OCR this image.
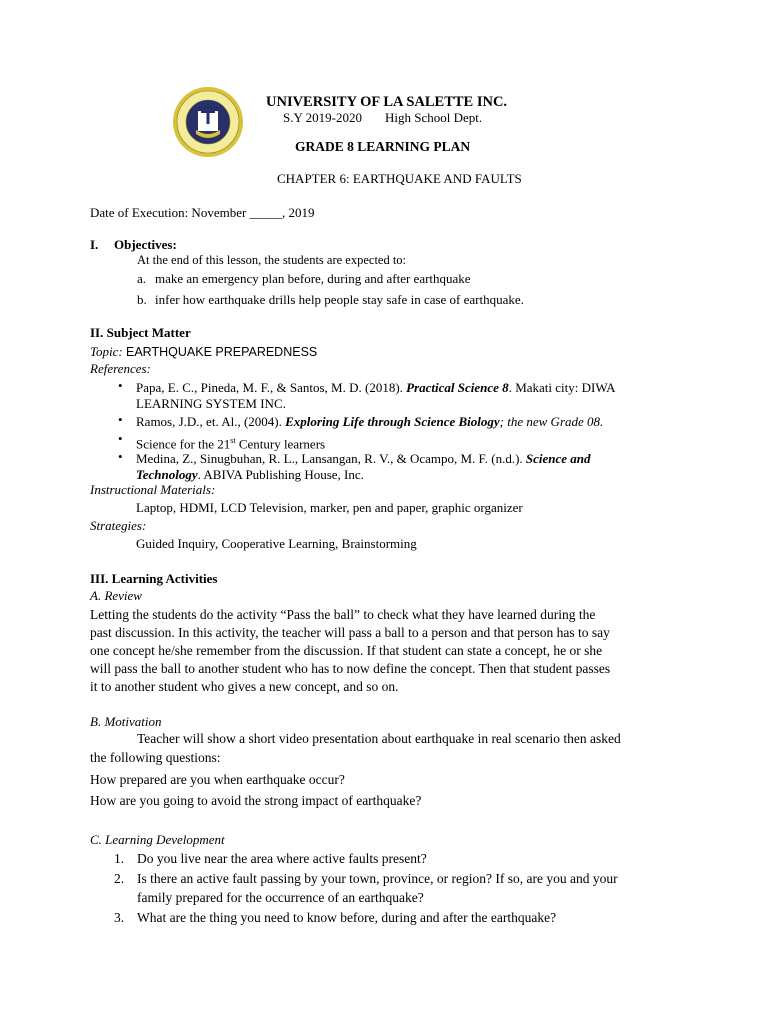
UNIVERSITY OF LA SALETTE INC.
S.Y 2019-2020 High School Dept.
GRADE 8 LEARNING PLAN
CHAPTER 6: EARTHQUAKE AND FAULTS
Date of Execution: November _____, 2019
I. Objectives:
At the end of this lesson, the students are expected to:
a. make an emergency plan before, during and after earthquake
b. infer how earthquake drills help people stay safe in case of earthquake.
II. Subject Matter
Topic: EARTHQUAKE PREPAREDNESS
References:
• Papa, E. C., Pineda, M. F., & Santos, M. D. (2018). Practical Science 8. Makati city: DIWA
LEARNING SYSTEM INC.
• Ramos, J.D., et. Al., (2004). Exploring Life through Science Biology; the new Grade 08.
• Science for the 21st Century learners
• Medina, Z., Sinugbuhan, R. L., Lansangan, R. V., & Ocampo, M. F. (n.d.). Science and
Technology. ABIVA Publishing House, Inc.
Instructional Materials:
Laptop, HDMI, LCD Television, marker, pen and paper, graphic organizer
Strategies:
Guided Inquiry, Cooperative Learning, Brainstorming
III. Learning Activities
A. Review

Letting the students do the activity “Pass the ball” to check what they have learned during the

past discussion. In this activity, the teacher will pass a ball to a person and that person has to say

one concept he/she remember from the discussion. If that student can state a concept, he or she

will pass the ball to another student who has to now define the concept. Then that student passes

it to another student who gives a new concept, and so on.

B. Motivation
Teacher will show a short video presentation about earthquake in real scenario then asked
the following questions:
How prepared are you when earthquake occur?
How are you going to avoid the strong impact of earthquake?
C. Learning Development
1. Do you live near the area where active faults present?
2. Is there an active fault passing by your town, province, or region? If so, are you and your
family prepared for the occurrence of an earthquake?
3. What are the thing you need to know before, during and after the earthquake?
